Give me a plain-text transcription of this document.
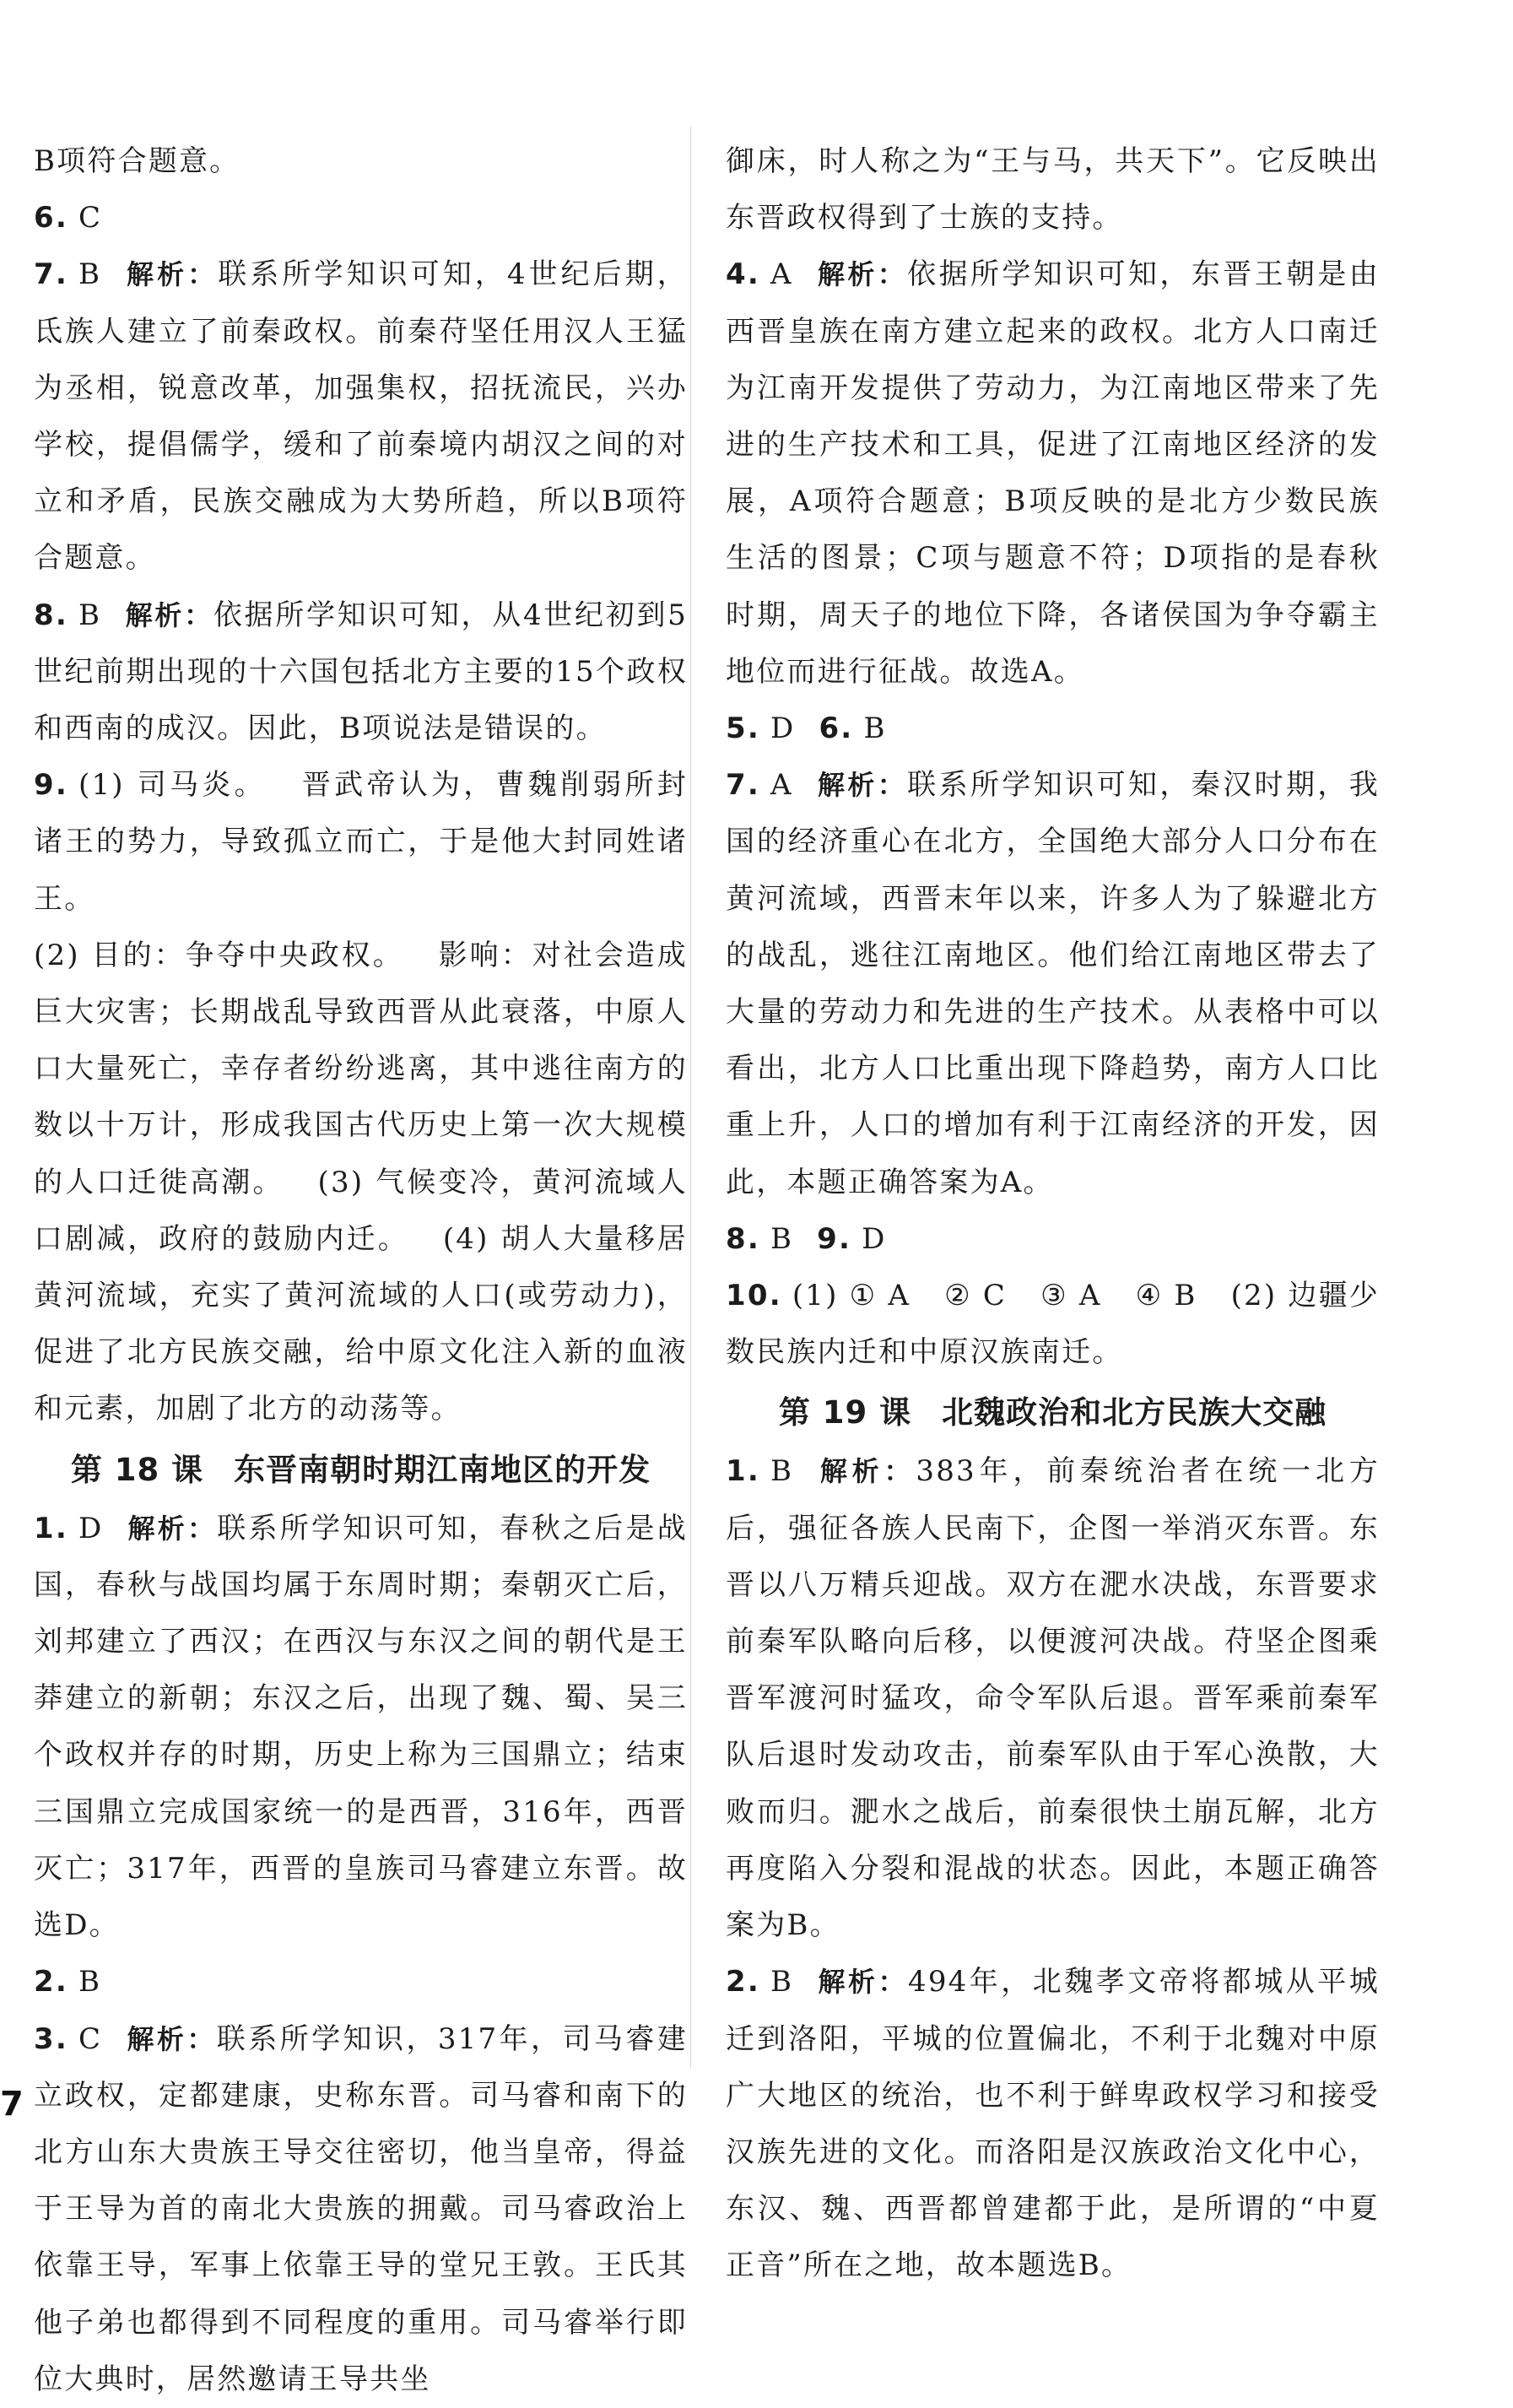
B项符合题意。

6. C

7. B 解析：联系所学知识可知，4世纪后期，氐族人建立了前秦政权。前秦苻坚任用汉人王猛为丞相，锐意改革，加强集权，招抚流民，兴办学校，提倡儒学，缓和了前秦境内胡汉之间的对立和矛盾，民族交融成为大势所趋，所以B项符合题意。

8. B 解析：依据所学知识可知，从4世纪初到5世纪前期出现的十六国包括北方主要的15个政权和西南的成汉。因此，B项说法是错误的。

9. (1) 司马炎。 晋武帝认为，曹魏削弱所封诸王的势力，导致孤立而亡，于是他大封同姓诸王。

(2) 目的：争夺中央政权。 影响：对社会造成巨大灾害；长期战乱导致西晋从此衰落，中原人口大量死亡，幸存者纷纷逃离，其中逃往南方的数以十万计，形成我国古代历史上第一次大规模的人口迁徙高潮。 (3) 气候变冷，黄河流域人口剧减，政府的鼓励内迁。 (4) 胡人大量移居黄河流域，充实了黄河流域的人口(或劳动力)，促进了北方民族交融，给中原文化注入新的血液和元素，加剧了北方的动荡等。

第 18 课 东晋南朝时期江南地区的开发

1. D 解析：联系所学知识可知，春秋之后是战国，春秋与战国均属于东周时期；秦朝灭亡后，刘邦建立了西汉；在西汉与东汉之间的朝代是王莽建立的新朝；东汉之后，出现了魏、蜀、吴三个政权并存的时期，历史上称为三国鼎立；结束三国鼎立完成国家统一的是西晋，316年，西晋灭亡；317年，西晋的皇族司马睿建立东晋。故选D。

2. B

3. C 解析：联系所学知识，317年，司马睿建立政权，定都建康，史称东晋。司马睿和南下的北方山东大贵族王导交往密切，他当皇帝，得益于王导为首的南北大贵族的拥戴。司马睿政治上依靠王导，军事上依靠王导的堂兄王敦。王氏其他子弟也都得到不同程度的重用。司马睿举行即位大典时，居然邀请王导共坐

御床，时人称之为“王与马，共天下”。它反映出东晋政权得到了士族的支持。

4. A 解析：依据所学知识可知，东晋王朝是由西晋皇族在南方建立起来的政权。北方人口南迁为江南开发提供了劳动力，为江南地区带来了先进的生产技术和工具，促进了江南地区经济的发展，A项符合题意；B项反映的是北方少数民族生活的图景；C项与题意不符；D项指的是春秋时期，周天子的地位下降，各诸侯国为争夺霸主地位而进行征战。故选A。

5. D 6. B

7. A 解析：联系所学知识可知，秦汉时期，我国的经济重心在北方，全国绝大部分人口分布在黄河流域，西晋末年以来，许多人为了躲避北方的战乱，逃往江南地区。他们给江南地区带去了大量的劳动力和先进的生产技术。从表格中可以看出，北方人口比重出现下降趋势，南方人口比重上升，人口的增加有利于江南经济的开发，因此，本题正确答案为A。

8. B 9. D

10. (1) ① A ② C ③ A ④ B (2) 边疆少数民族内迁和中原汉族南迁。

第 19 课 北魏政治和北方民族大交融

1. B 解析：383年，前秦统治者在统一北方后，强征各族人民南下，企图一举消灭东晋。东晋以八万精兵迎战。双方在淝水决战，东晋要求前秦军队略向后移，以便渡河决战。苻坚企图乘晋军渡河时猛攻，命令军队后退。晋军乘前秦军队后退时发动攻击，前秦军队由于军心涣散，大败而归。淝水之战后，前秦很快土崩瓦解，北方再度陷入分裂和混战的状态。因此，本题正确答案为B。

2. B 解析：494年，北魏孝文帝将都城从平城迁到洛阳，平城的位置偏北，不利于北魏对中原广大地区的统治，也不利于鲜卑政权学习和接受汉族先进的文化。而洛阳是汉族政治文化中心，东汉、魏、西晋都曾建都于此，是所谓的“中夏正音”所在之地，故本题选B。

7
